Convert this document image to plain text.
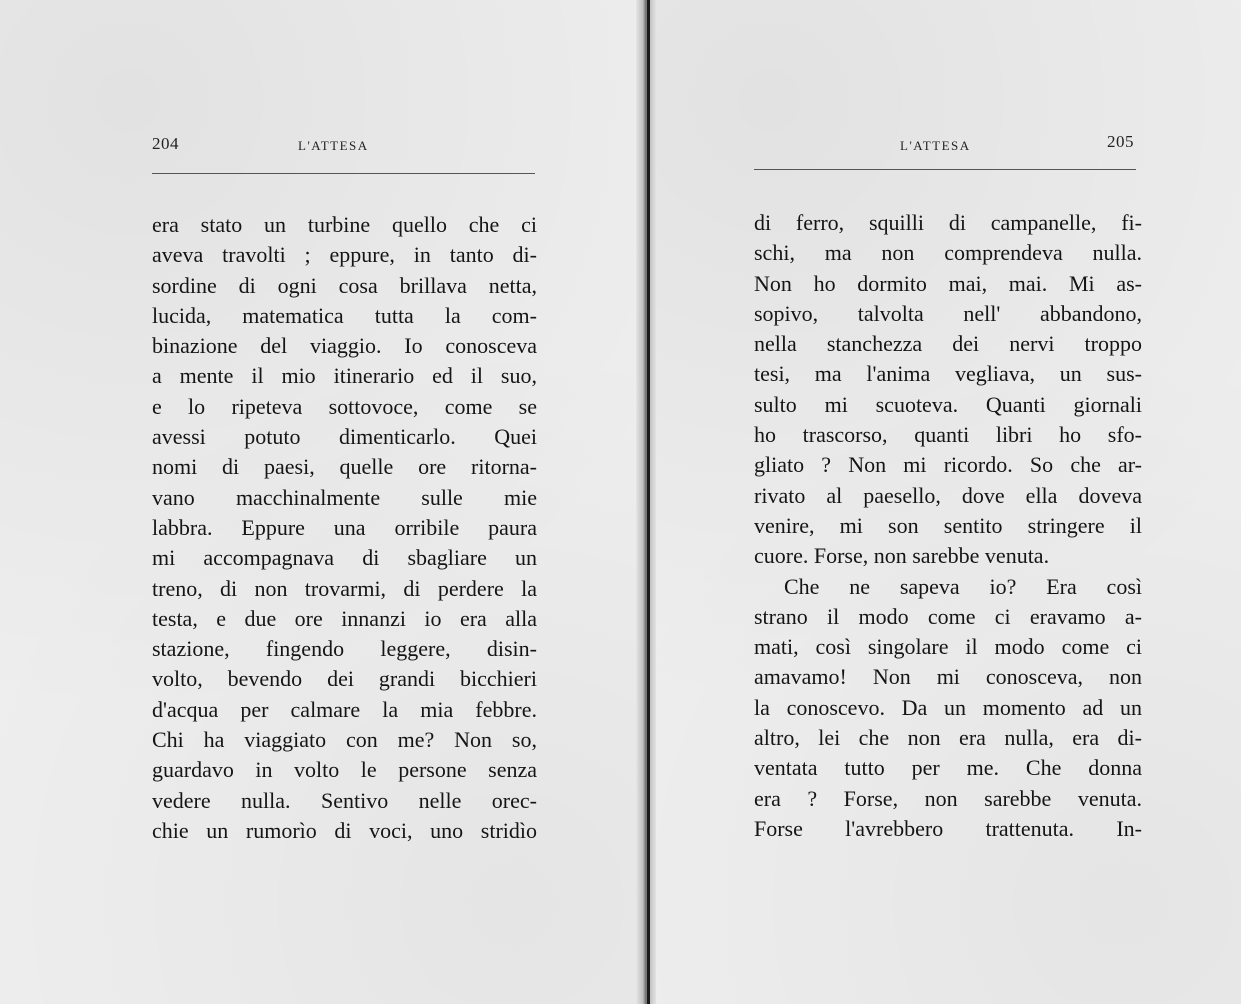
204	L'ATTESA
era stato un turbine quello che ci
aveva travolti ; eppure, in tanto di-
sordine di ogni cosa brillava netta,
lucida, matematica tutta la com-
binazione del viaggio. Io conosceva
a mente il mio itinerario ed il suo,
e lo ripeteva sottovoce, come se
avessi potuto dimenticarlo. Quei
nomi di paesi, quelle ore ritorna-
vano macchinalmente sulle mie
labbra. Eppure una orribile paura
mi accompagnava di sbagliare un
treno, di non trovarmi, di perdere la
testa, e due ore innanzi io era alla
stazione, fingendo leggere, disin-
volto, bevendo dei grandi bicchieri
d'acqua per calmare la mia febbre.
Chi ha viaggiato con me? Non so,
guardavo in volto le persone senza
vedere nulla. Sentivo nelle orec-
chie un rumorìo di voci, uno stridìo
L'ATTESA	205
di ferro, squilli di campanelle, fi-
schi, ma non comprendeva nulla.
Non ho dormito mai, mai. Mi as-
sopivo, talvolta nell' abbandono,
nella stanchezza dei nervi troppo
tesi, ma l'anima vegliava, un sus-
sulto mi scuoteva. Quanti giornali
ho trascorso, quanti libri ho sfo-
gliato ? Non mi ricordo. So che ar-
rivato al paesello, dove ella doveva
venire, mi son sentito stringere il
cuore. Forse, non sarebbe venuta.
Che ne sapeva io? Era così
strano il modo come ci eravamo a-
mati, così singolare il modo come ci
amavamo! Non mi conosceva, non
la conoscevo. Da un momento ad un
altro, lei che non era nulla, era di-
ventata tutto per me. Che donna
era ? Forse, non sarebbe venuta.
Forse l'avrebbero trattenuta. In-
